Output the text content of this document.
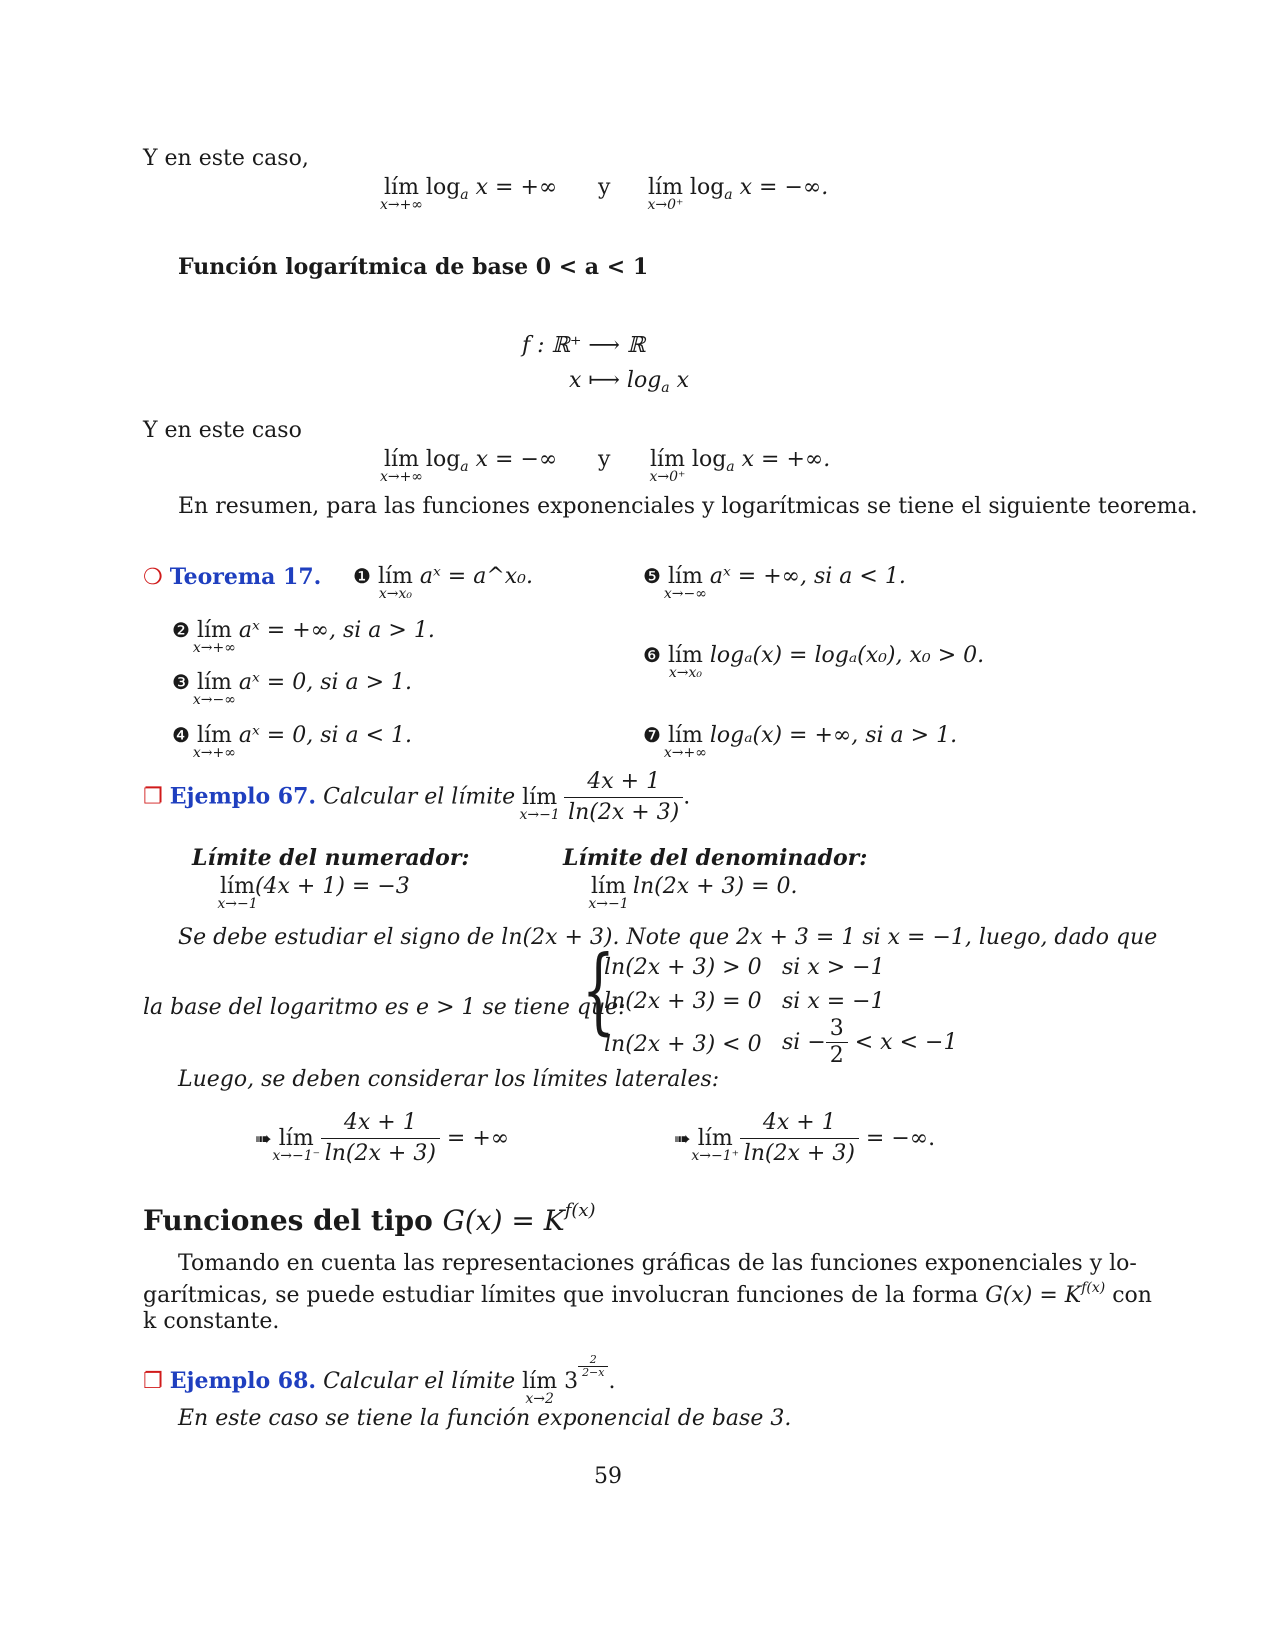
Y en este caso,
lím
x→+∞
$\log_a x$ = +∞ y lím
x→0⁺
$\log_a x$ = −∞.
Función logarítmica de base 0 < a < 1
f : ℝ⁺ ⟶ ℝ
x ⟼ $\log_a x$
Y en este caso
lím
x→+∞
$\log_a x$ = −∞ y lím
x→0⁺
$\log_a x$ = +∞.
En resumen, para las funciones exponenciales y logarítmicas se tiene el siguiente teorema.
❍ Teorema 17. ❶ lím
x→x₀
aˣ = a^x₀.	❺ lím
x→−∞
aˣ = +∞, si a < 1.
❷ lím
x→+∞
aˣ = +∞, si a > 1.
❻ lím
x→x₀
logₐ(x) = logₐ(x₀), x₀ > 0.
❸ lím
x→−∞
aˣ = 0, si a > 1.
❹ lím
x→+∞
aˣ = 0, si a < 1.	❼ lím
x→+∞
logₐ(x) = +∞, si a > 1.
❐ Ejemplo 67. Calcular el límite lím
x→−1
$\frac{4x + 1}{\ln(2x + 3)}$ .
Límite del numerador:
lím
x→−1
(4x + 1) = −3
Límite del denominador:
lím
x→−1
ln(2x + 3) = 0.
Se debe estudiar el signo de ln(2x + 3). Note que 2x + 3 = 1 si x = −1, luego, dado que
la base del logaritmo es e > 1 se tiene que:
{
ln(2x + 3) > 0 si x > −1
ln(2x + 3) = 0 si x = −1
ln(2x + 3) < 0 si − $\frac{3}{2} < x < -1$
Luego, se deben considerar los límites laterales:
➠ lím
x→−1⁻
$\frac{4x + 1}{\ln(2x + 3)}$ = +∞	➠ lím
x→−1⁺
$\frac{4x + 1}{\ln(2x + 3)}$ = −∞.
Funciones del tipo $G(x) = K^{f(x)}$
Tomando en cuenta las representaciones gráficas de las funciones exponenciales y lo-
garítmicas, se puede estudiar límites que involucran funciones de la forma $G(x) = K^{f(x)}$ con
k constante.
❐ Ejemplo 68. Calcular el límite lím
x→2
3
$\frac{2}{2-x}$
.
En este caso se tiene la función exponencial de base 3.
59
